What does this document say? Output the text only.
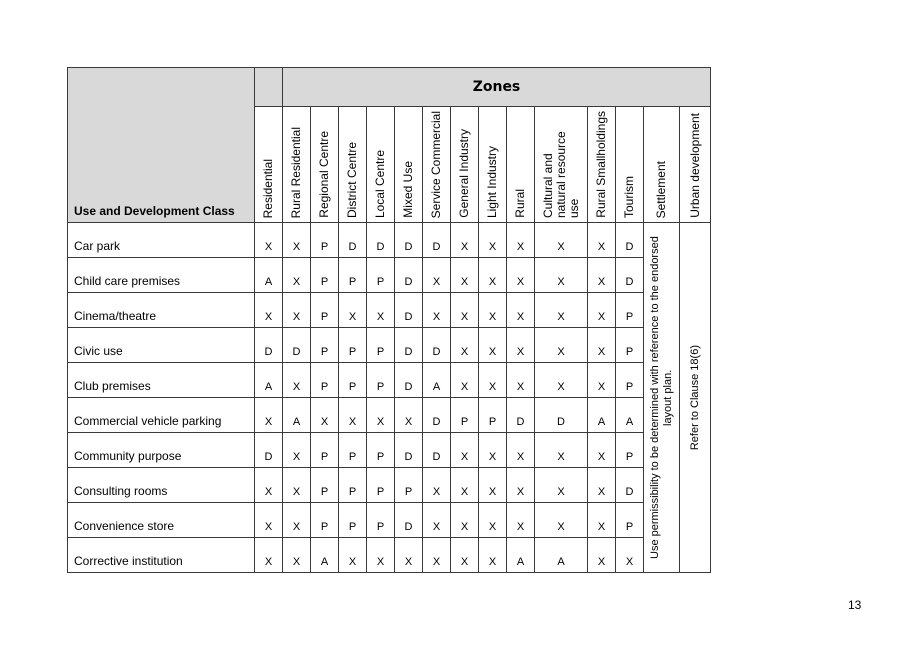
Use and Development Class		Zones													

	Residential	Rural Residential	Regional Centre	District Centre	Local Centre	Mixed Use	Service Commercial	General Industry	Light Industry	Rural	Cultural and natural resource use	Rural Smallholdings	Tourism	Settlement	Urban development

Car park	X	X	P	D	D	D	D	X	X	X	X	X	D	Use permissibility to be determined with reference to the endorsed layout plan.	Refer to Clause 18(6)

Child care premises	A	X	P	P	P	D	X	X	X	X	X	X	D		

Cinema/theatre	X	X	P	X	X	D	X	X	X	X	X	X	P		

Civic use	D	D	P	P	P	D	D	X	X	X	X	X	P		

Club premises	A	X	P	P	P	D	A	X	X	X	X	X	P		

Commercial vehicle parking	X	A	X	X	X	X	D	P	P	D	D	A	A		

Community purpose	D	X	P	P	P	D	D	X	X	X	X	X	P		

Consulting rooms	X	X	P	P	P	P	X	X	X	X	X	X	D		

Convenience store	X	X	P	P	P	D	X	X	X	X	X	X	P		

Corrective institution	X	X	A	X	X	X	X	X	X	A	A	X	X		
13
